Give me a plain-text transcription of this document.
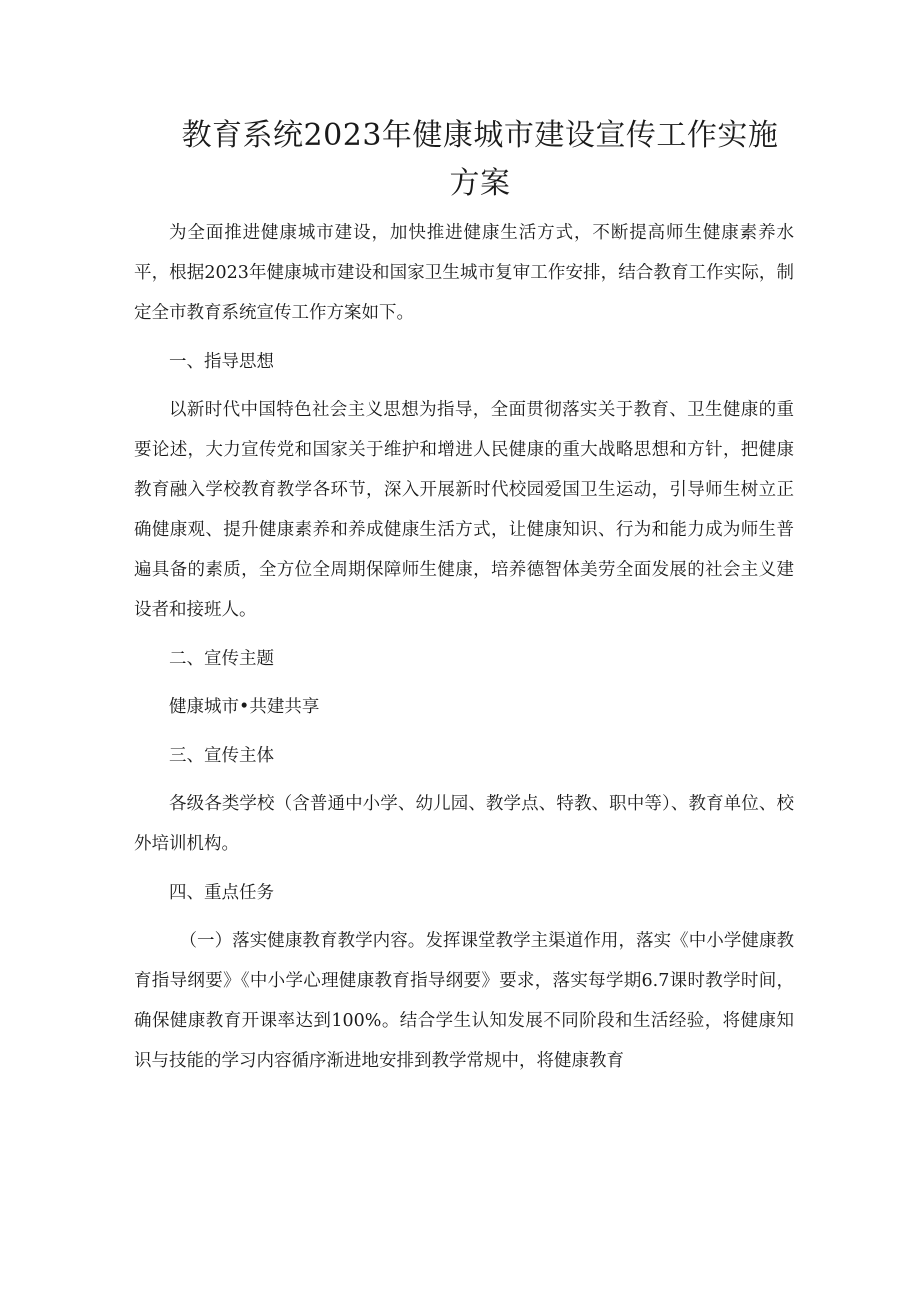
教育系统2023年健康城市建设宣传工作实施
方案

为全面推进健康城市建设，加快推进健康生活方式，不断提高师生健康素养水平，根据2023年健康城市建设和国家卫生城市复审工作安排，结合教育工作实际，制定全市教育系统宣传工作方案如下。

一、指导思想

以新时代中国特色社会主义思想为指导，全面贯彻落实关于教育、卫生健康的重要论述，大力宣传党和国家关于维护和增进人民健康的重大战略思想和方针，把健康教育融入学校教育教学各环节，深入开展新时代校园爱国卫生运动，引导师生树立正确健康观、提升健康素养和养成健康生活方式，让健康知识、行为和能力成为师生普遍具备的素质，全方位全周期保障师生健康，培养德智体美劳全面发展的社会主义建设者和接班人。

二、宣传主题

健康城市•共建共享

三、宣传主体

各级各类学校（含普通中小学、幼儿园、教学点、特教、职中等）、教育单位、校外培训机构。

四、重点任务

（一）落实健康教育教学内容。发挥课堂教学主渠道作用，落实《中小学健康教育指导纲要》《中小学心理健康教育指导纲要》要求，落实每学期6.7课时教学时间，确保健康教育开课率达到100%。结合学生认知发展不同阶段和生活经验，将健康知识与技能的学习内容循序渐进地安排到教学常规中，将健康教育
